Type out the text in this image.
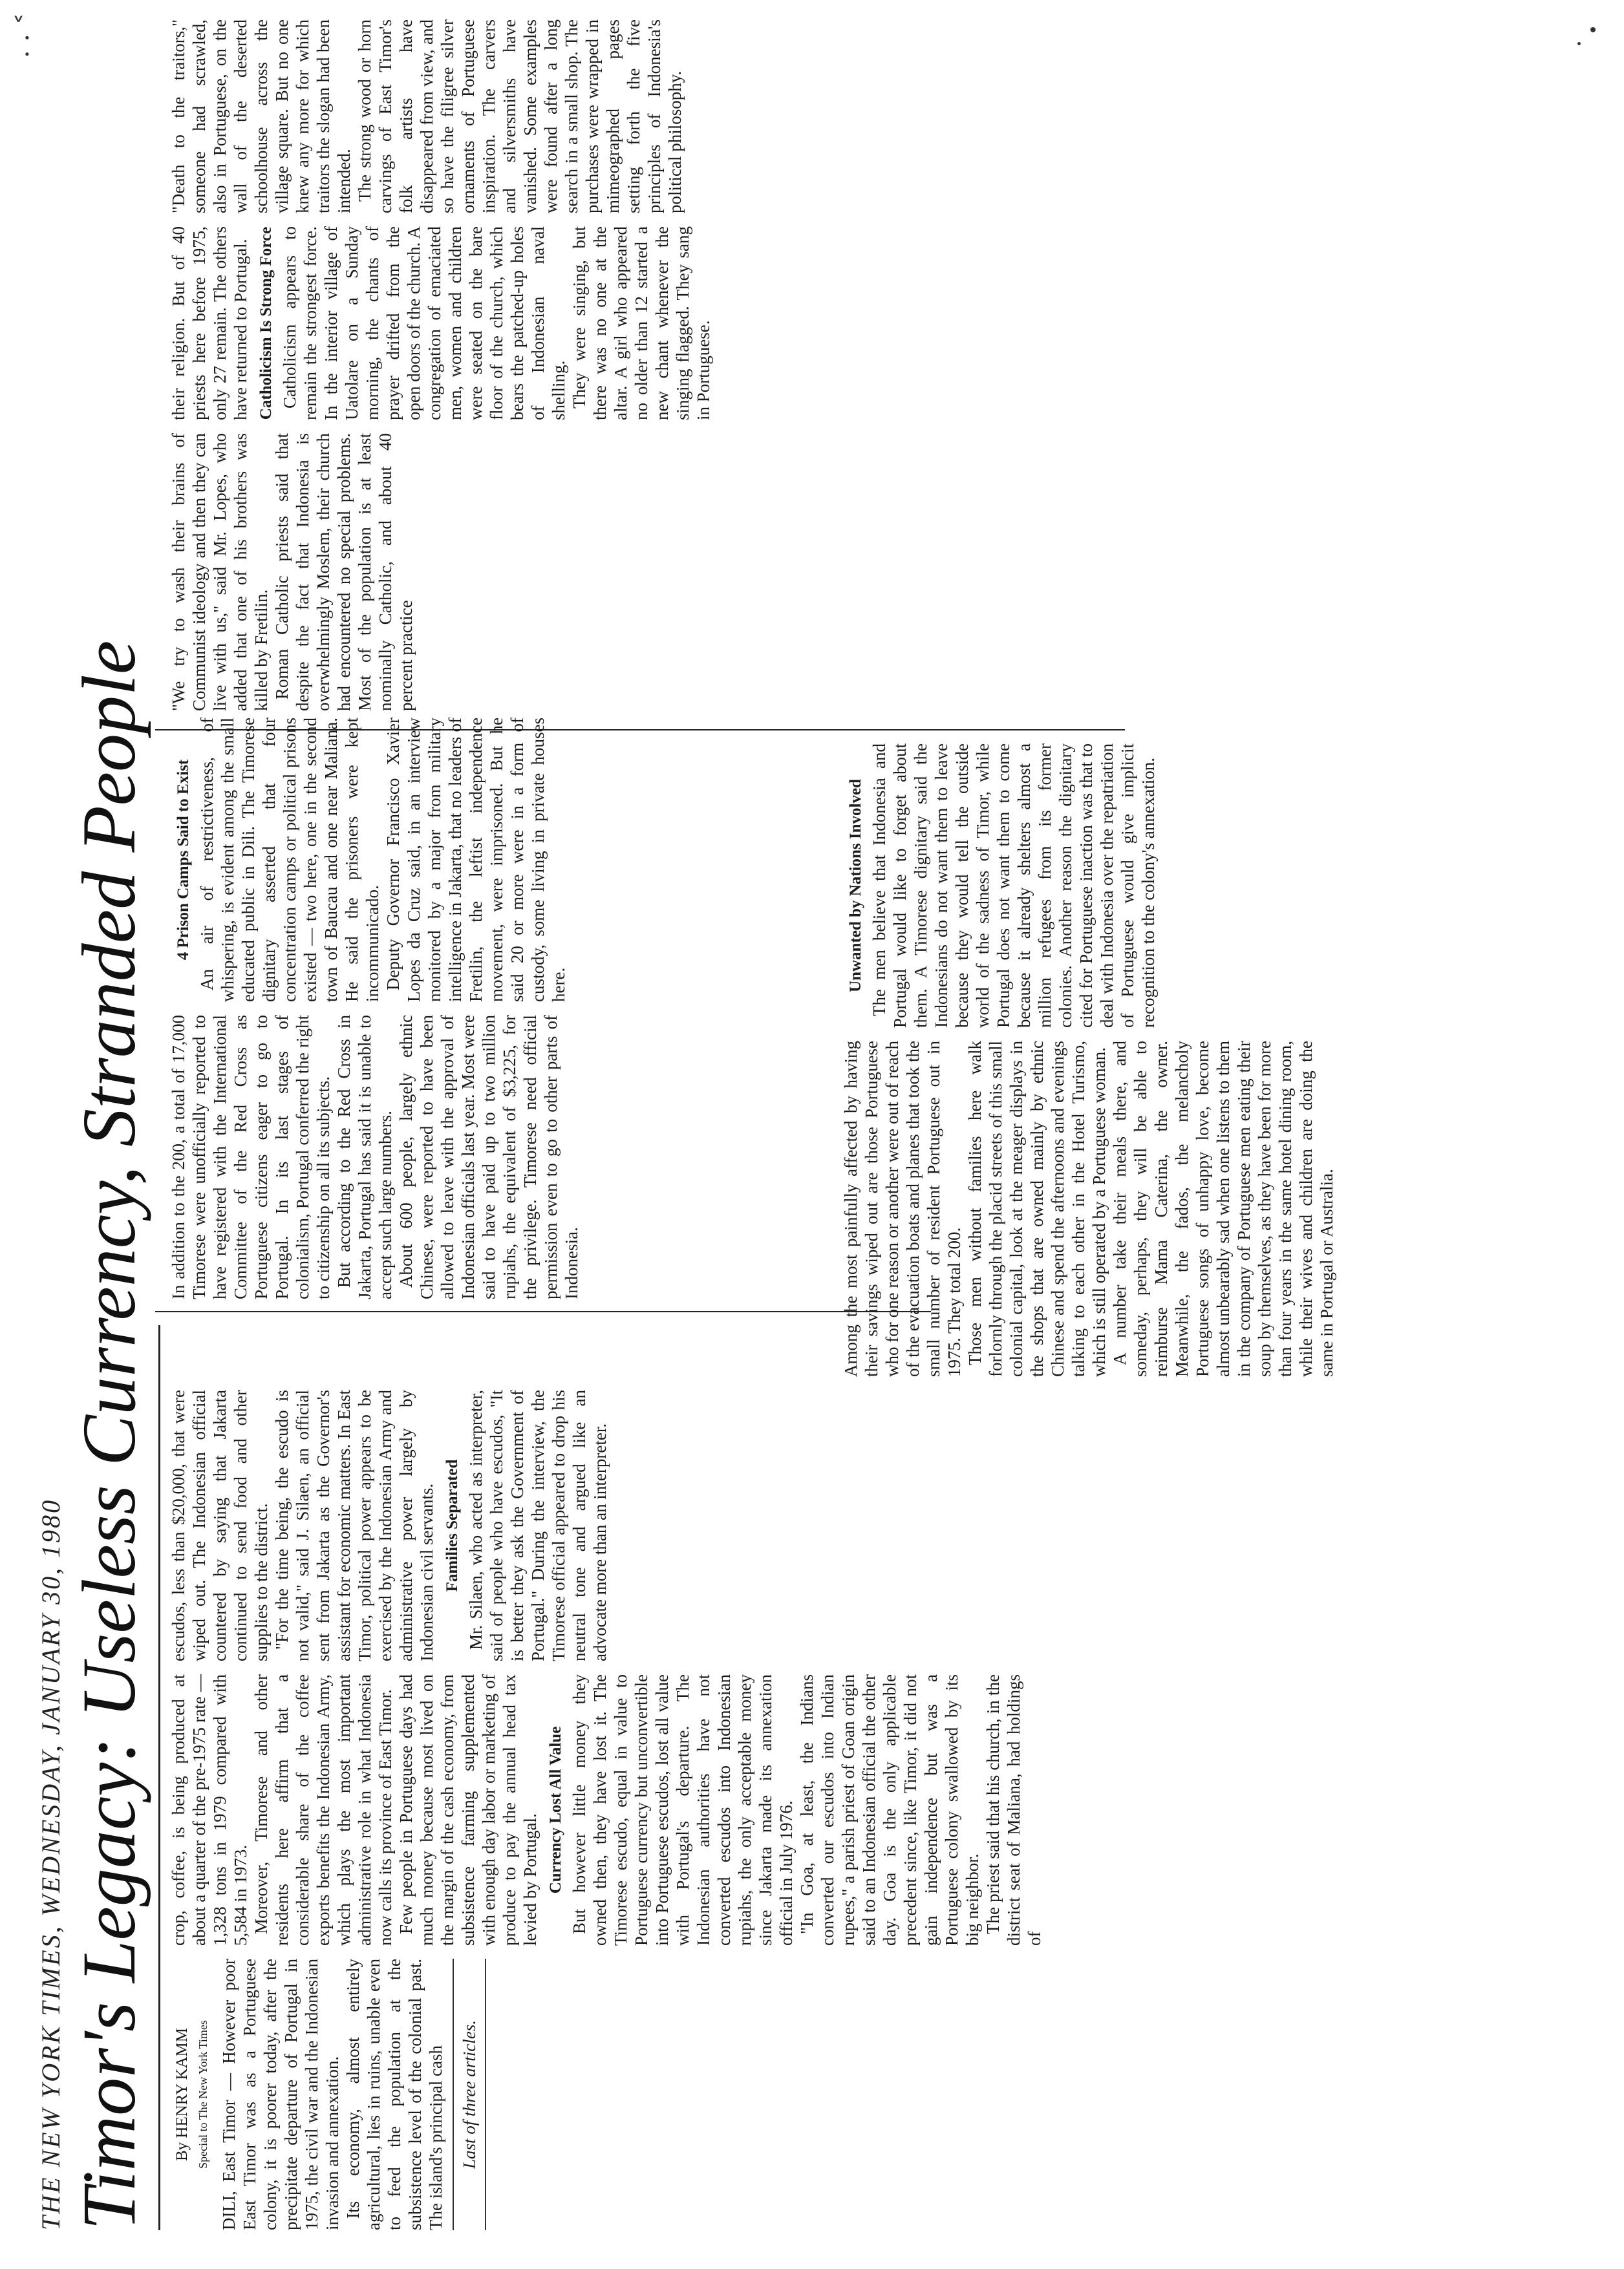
THE NEW YORK TIMES, WEDNESDAY, JANUARY 30, 1980 Timor's Legacy: Useless Currency, Stranded People By HENRY KAMM Special to The New York Times DILI, East Timor — However poor East Timor was as a Portuguese colony, it is poorer today, after the precipitate departure of Portugal in 1975, the civil war and the Indonesian invasion and annexation. Its economy, almost entirely agricultural, lies in ruins, unable even to feed the population at the subsistence level of the colonial past. The island's principal cash Last of three articles.

crop, coffee, is being produced at about a quarter of the pre-1975 rate — 1,328 tons in 1979 compared with 5,584 in 1973. Moreover, Timorese and other residents here affirm that a considerable share of the coffee exports benefits the Indonesian Army, which plays the most important administrative role in what Indonesia now calls its province of East Timor. Few people in Portuguese days had much money because most lived on the margin of the cash economy, from subsistence farming supplemented with enough day labor or marketing of produce to pay the annual head tax levied by Portugal. Currency Lost All Value But however little money they owned then, they have lost it. The Timorese escudo, equal in value to Portuguese currency but unconvertible into Portuguese escudos, lost all value with Portugal's departure. The Indonesian authorities have not converted escudos into Indonesian rupiahs, the only acceptable money since Jakarta made its annexation official in July 1976. "In Goa, at least, the Indians converted our escudos into Indian rupees," a parish priest of Goan origin said to an Indonesian official the other day. Goa is the only applicable precedent since, like Timor, it did not gain independence but was a Portuguese colony swallowed by its big neighbor. The priest said that his church, in the district seat of Maliana, had holdings of

escudos, less than $20,000, that were wiped out. The Indonesian official countered by saying that Jakarta continued to send food and other supplies to the district. "For the time being, the escudo is not valid," said J. Silaen, an official sent from Jakarta as the Governor's assistant for economic matters. In East Timor, political power appears to be exercised by the Indonesian Army and administrative power largely by Indonesian civil servants. Families Separated Mr. Silaen, who acted as interpreter, said of people who have escudos, "It is better they ask the Government of Portugal." During the interview, the Timorese official appeared to drop his neutral tone and argued like an advocate more than an interpreter.

Among the most painfully affected by having their savings wiped out are those Portuguese who for one reason or another were out of reach of the evacuation boats and planes that took the small number of resident Portuguese out in 1975. They total 200. Those men without families here walk forlornly through the placid streets of this small colonial capital, look at the meager displays in the shops that are owned mainly by ethnic Chinese and spend the afternoons and evenings talking to each other in the Hotel Turismo, which is still operated by a Portuguese woman. A number take their meals there, and someday, perhaps, they will be able to reimburse Mama Caterina, the owner. Meanwhile, the fados, the melancholy Portuguese songs of unhappy love, become almost unbearably sad when one listens to them in the company of Portuguese men eating their soup by themselves, as they have been for more than four years in the same hotel dining room, while their wives and children are doing the same in Portugal or Australia.

Unwanted by Nations Involved The men believe that Indonesia and Portugal would like to forget about them. A Timorese dignitary said the Indonesians do not want them to leave because they would tell the outside world of the sadness of Timor, while Portugal does not want them to come because it already shelters almost a million refugees from its former colonies. Another reason the dignitary cited for Portuguese inaction was that to deal with Indonesia over the repatriation of Portuguese would give implicit recognition to the colony's annexation.

In addition to the 200, a total of 17,000 Timorese were unofficially reported to have registered with the International Committee of the Red Cross as Portuguese citizens eager to go to Portugal. In its last stages of colonialism, Portugal conferred the right to citizenship on all its subjects. But according to the Red Cross in Jakarta, Portugal has said it is unable to accept such large numbers. About 600 people, largely ethnic Chinese, were reported to have been allowed to leave with the approval of Indonesian officials last year. Most were said to have paid up to two million rupiahs, the equivalent of $3,225, for the privilege. Timorese need official permission even to go to other parts of Indonesia.

4 Prison Camps Said to Exist An air of restrictiveness, of whispering, is evident among the small educated public in Dili. The Timorese dignitary asserted that four concentration camps or political prisons existed — two here, one in the second town of Baucau and one near Maliana. He said the prisoners were kept incommunicado. Deputy Governor Francisco Xavier Lopes da Cruz said, in an interview monitored by a major from military intelligence in Jakarta, that no leaders of Fretilin, the leftist independence movement, were imprisoned. But he said 20 or more were in a form of custody, some living in private houses here.

"We try to wash their brains of Communist ideology and then they can live with us," said Mr. Lopes, who added that one of his brothers was killed by Fretilin. Roman Catholic priests said that despite the fact that Indonesia is overwhelmingly Moslem, their church had encountered no special problems. Most of the population is at least nominally Catholic, and about 40 percent practice

their religion. But of 40 priests here before 1975, only 27 remain. The others have returned to Portugal. Catholicism Is Strong Force Catholicism appears to remain the strongest force. In the interior village of Uatolare on a Sunday morning, the chants of prayer drifted from the open doors of the church. A congregation of emaciated men, women and children were seated on the bare floor of the church, which bears the patched-up holes of Indonesian naval shelling. They were singing, but there was no one at the altar. A girl who appeared no older than 12 started a new chant whenever the singing flagged. They sang in Portuguese.

"Death to the traitors," someone had scrawled, also in Portuguese, on the wall of the deserted schoolhouse across the village square. But no one knew any more for which traitors the slogan had been intended. The strong wood or horn carvings of East Timor's folk artists have disappeared from view, and so have the filigree silver ornaments of Portuguese inspiration. The carvers and silversmiths have vanished. Some examples were found after a long search in a small shop. The purchases were wrapped in mimeographed pages setting forth the five principles of Indonesia's political philosophy.

· · ˂
